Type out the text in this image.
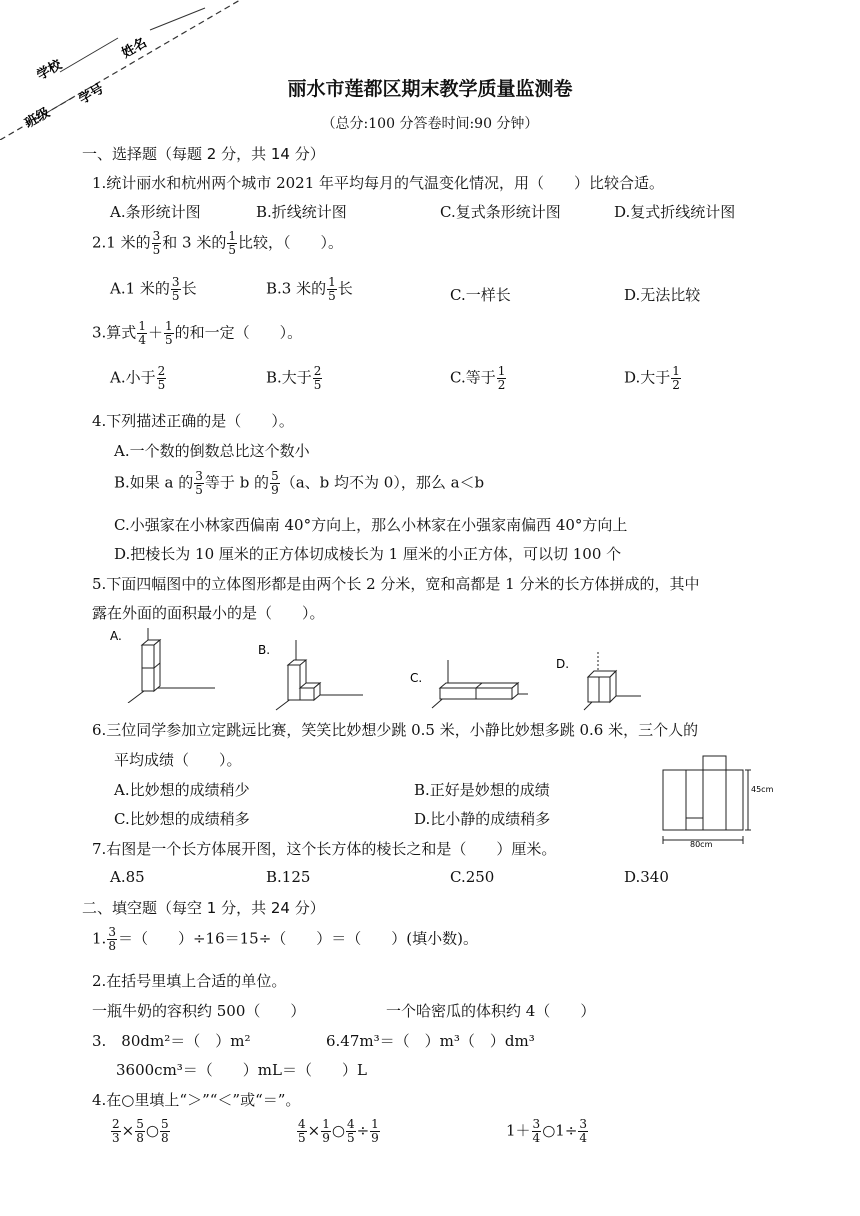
学校
姓名
班级
学号	丽水市莲都区期末教学质量监测卷
（总分:100 分答卷时间:90 分钟）
一、选择题（每题 2 分，共 14 分）
1.统计丽水和杭州两个城市 2021 年平均每月的气温变化情况，用（　　）比较合适。
A.条形统计图	B.折线统计图	C.复式条形统计图	D.复式折线统计图
2.1 米的 $\frac{3}{5}$ 和 3 米的 $\frac{1}{5}$ 比较，（　　）。
A.1 米的 $\frac{3}{5}$ 长	B.3 米的 $\frac{1}{5}$ 长	C.一样长	D.无法比较
3.算式 $\frac{1}{4} + \frac{1}{5}$ 的和一定（　　）。
A.小于 $\frac{2}{5}$	B.大于 $\frac{2}{5}$	C.等于 $\frac{1}{2}$	D.大于 $\frac{1}{2}$
4.下列描述正确的是（　　）。
A.一个数的倒数总比这个数小
B.如果 a 的 $\frac{3}{5}$ 等于 b 的 $\frac{5}{9} (a$、b 均不为 0），那么 a＜b
C.小强家在小林家西偏南 40°方向上，那么小林家在小强家南偏西 40°方向上
D.把棱长为 10 厘米的正方体切成棱长为 1 厘米的小正方体，可以切 100 个
5.下面四幅图中的立体图形都是由两个长 2 分米，宽和高都是 1 分米的长方体拼成的，其中
露在外面的面积最小的是（　　）。
A.
B.
C.
D.
6.三位同学参加立定跳远比赛，笑笑比妙想少跳 0.5 米，小静比妙想多跳 0.6 米，三个人的
平均成绩（　　）。
A.比妙想的成绩稍少	B.正好是妙想的成绩
C.比妙想的成绩稍多	D.比小静的成绩稍多
45cm
80cm
7.右图是一个长方体展开图，这个长方体的棱长之和是（　　）厘米。
A.85	B.125	C.250	D.340
二、填空题（每空 1 分，共 24 分）
1. $\frac{3}{8}$ ＝（　　）÷16＝15÷（　　）＝（　　）(填小数)。
2.在括号里填上合适的单位。
一瓶牛奶的容积约 500（　　）	一个哈密瓜的体积约 4（　　）
3.　80dm²＝（　）m²	6.47m³＝（　）m³（　）dm³
3600cm³＝（　　）mL＝（　　）L
4.在○里填上“＞”“＜”或“＝”。
$\frac{2}{3} \times \frac{5}{8}$ ○ $\frac{5}{8}$	$\frac{4}{5} \times \frac{1}{9}$ ○ $\frac{4}{5} \div \frac{1}{9}$	$1+ \frac{3}{4}$ ○1÷ $\frac{3}{4}$
